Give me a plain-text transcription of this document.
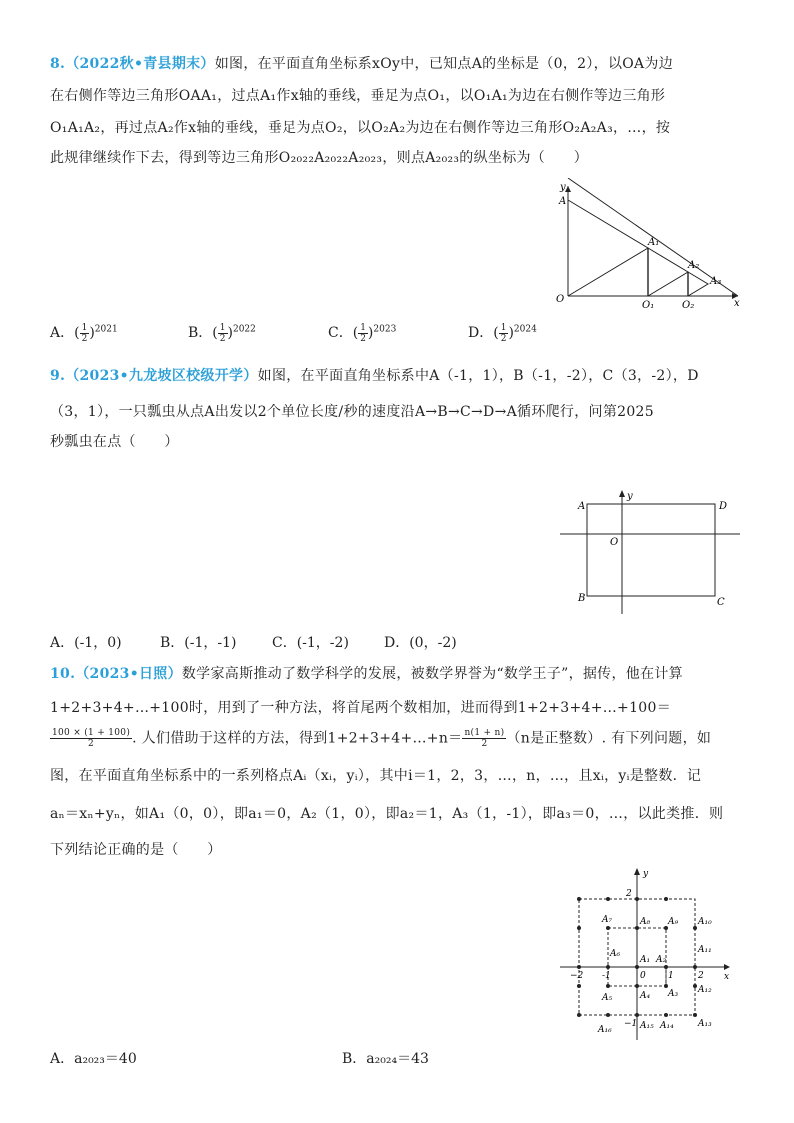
8.（2022秋•青县期末）如图，在平面直角坐标系xOy中，已知点A的坐标是（0，2），以OA为边
在右侧作等边三角形OAA₁，过点A₁作x轴的垂线，垂足为点O₁，以O₁A₁为边在右侧作等边三角形
O₁A₁A₂，再过点A₂作x轴的垂线，垂足为点O₂，以O₂A₂为边在右侧作等边三角形O₂A₂A₃，…，按
此规律继续作下去，得到等边三角形O₂₀₂₂A₂₀₂₂A₂₀₂₃，则点A₂₀₂₃的纵坐标为（　　）
y
x
A
A₁
A₂
A₃
O
O₁	O₂
A．( $\frac{1}{2} )^{2021}$	B．( $\frac{1}{2} )^{2022}$	C．( $\frac{1}{2} )^{2023}$	D．( $\frac{1}{2} )^{2024}$
9.（2023•九龙坡区校级开学）如图，在平面直角坐标系中A（-1，1），B（-1，-2），C（3，-2），D
（3，1），一只瓢虫从点A出发以2个单位长度/秒的速度沿A→B→C→D→A循环爬行，问第2025
秒瓢虫在点（　　）
y
A	D
O
B	C
A．(-1，0)	B．(-1，-1)	C．(-1，-2)	D．(0，-2)
10.（2023•日照）数学家高斯推动了数学科学的发展，被数学界誉为“数学王子”，据传，他在计算
1+2+3+4+…+100时，用到了一种方法，将首尾两个数相加，进而得到1+2+3+4+…+100＝
$\frac{100 \times (1 + 100)}{2}$ . 人们借助于这样的方法，得到1+2+3+4+…+n＝ $\frac{n(1 + n)}{2} (n$是正整数）. 有下列问题，如
图，在平面直角坐标系中的一系列格点Aᵢ（xᵢ，yᵢ），其中i＝1，2，3，…，n，…，且xᵢ，yᵢ是整数．记
aₙ＝xₙ+yₙ，如A₁（0，0），即a₁＝0，A₂（1，0），即a₂＝1，A₃（1，-1），即a₃＝0，…，以此类推．则
下列结论正确的是（　　）
y
x
2
0 1	2
-1
−2
−1
A₁ A₂
A₃
A₄
A₅
A₆
A₇	A₈ A₉ A₁₀
A₁₁
A₁₂
A₁₃
A₁₄
A₁₅
A₁₆
A．a₂₀₂₃＝40	B．a₂₀₂₄＝43
